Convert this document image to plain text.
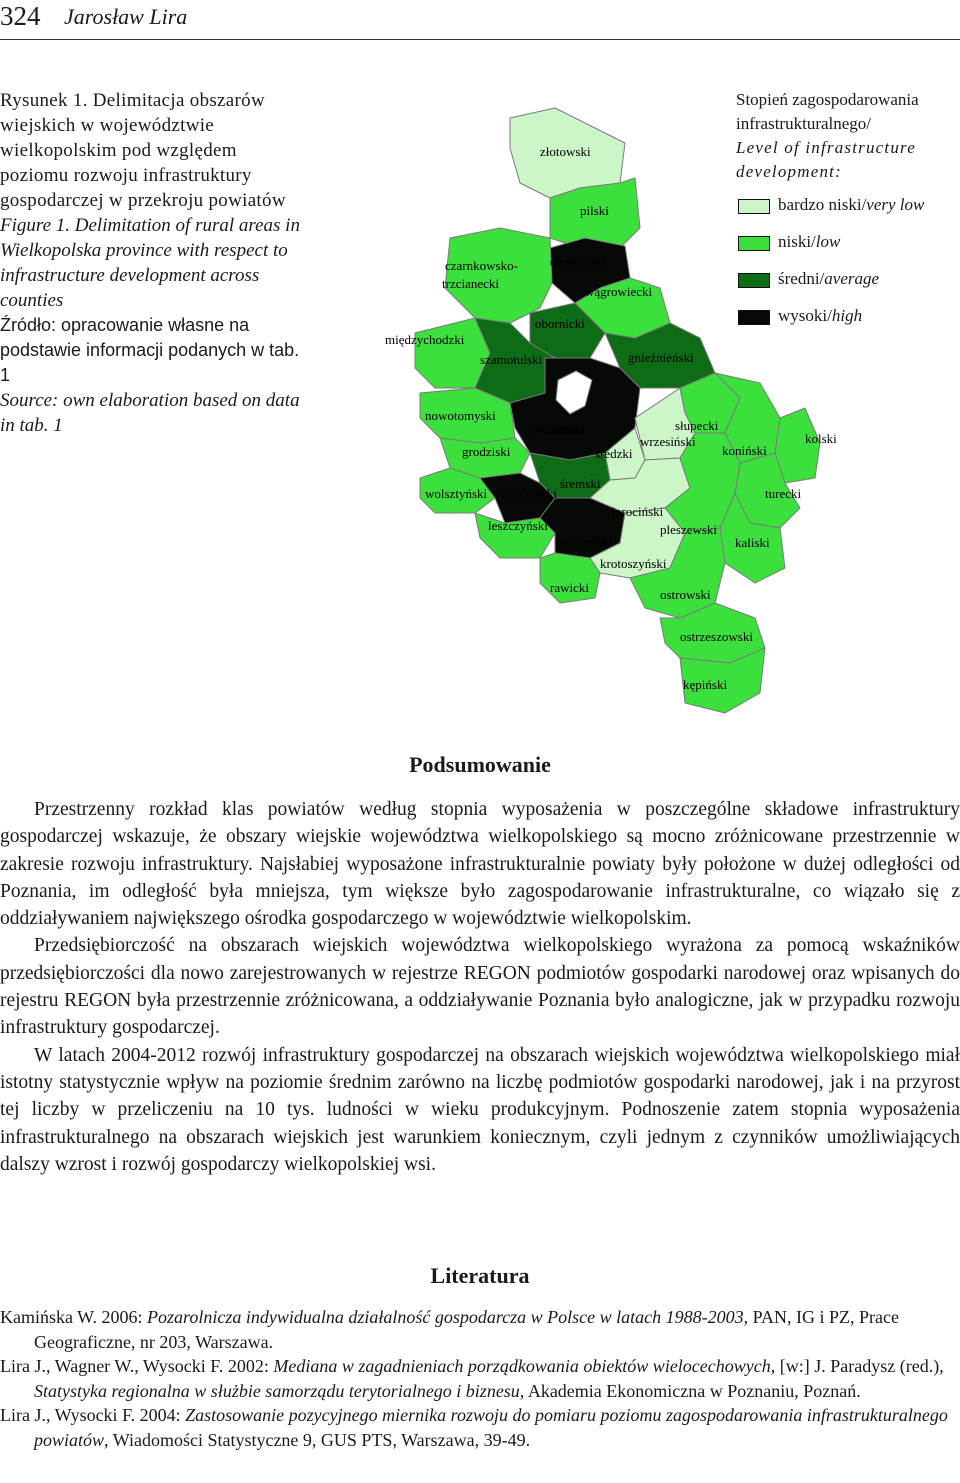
324 Jarosław Lira

Rysunek 1. Delimitacja obszarów wiejskich w województwie wielkopolskim pod względem poziomu rozwoju infrastruktury gospodarczej w przekroju powiatów

Figure 1. Delimitation of rural areas in Wielkopolska province with respect to infrastructure development across counties

Źródło: opracowanie własne na podstawie informacji podanych w tab. 1

Source: own elaboration based on data in tab. 1

złotowski
pilski
chodzieski
czarnkowsko-
trzcianecki
wągrowiecki
obornicki
międzychodzki
szamotulski	gnieźnieński
nowotomyski
poznański	słupecki
wrzesiński
koniński
kolski
grodziski	średzki
śremski
wolsztyński kościański	turecki
jarociński
leszczyński	pleszewski
gostyński	kaliski
krotoszyński
rawicki	ostrowski
ostrzeszowski
kępiński
Stopień zagospodarowania infrastrukturalnego/
Level of infrastructure development:
bardzo niski/very low
niski/low
średni/average
wysoki/high
Podsumowanie

Przestrzenny rozkład klas powiatów według stopnia wyposażenia w poszczególne składowe infrastruktury gospodarczej wskazuje, że obszary wiejskie województwa wielkopolskiego są mocno zróżnicowane przestrzennie w zakresie rozwoju infrastruktury. Najsłabiej wyposażone infrastrukturalnie powiaty były położone w dużej odległości od Poznania, im odległość była mniejsza, tym większe było zagospodarowanie infrastrukturalne, co wiązało się z oddziaływaniem największego ośrodka gospodarczego w województwie wielkopolskim.

Przedsiębiorczość na obszarach wiejskich województwa wielkopolskiego wyrażona za pomocą wskaźników przedsiębiorczości dla nowo zarejestrowanych w rejestrze REGON podmiotów gospodarki narodowej oraz wpisanych do rejestru REGON była przestrzennie zróżnicowana, a oddziaływanie Poznania było analogiczne, jak w przypadku rozwoju infrastruktury gospodarczej.

W latach 2004-2012 rozwój infrastruktury gospodarczej na obszarach wiejskich województwa wielkopolskiego miał istotny statystycznie wpływ na poziomie średnim zarówno na liczbę podmiotów gospodarki narodowej, jak i na przyrost tej liczby w przeliczeniu na 10 tys. ludności w wieku produkcyjnym. Podnoszenie zatem stopnia wyposażenia infrastrukturalnego na obszarach wiejskich jest warunkiem koniecznym, czyli jednym z czynników umożliwiających dalszy wzrost i rozwój gospodarczy wielkopolskiej wsi.

Literatura

Kamińska W. 2006: Pozarolnicza indywidualna działalność gospodarcza w Polsce w latach 1988-2003, PAN, IG i PZ, Prace Geograficzne, nr 203, Warszawa.

Lira J., Wagner W., Wysocki F. 2002: Mediana w zagadnieniach porządkowania obiektów wielocechowych, [w:] J. Paradysz (red.), Statystyka regionalna w służbie samorządu terytorialnego i biznesu, Akademia Ekonomiczna w Poznaniu, Poznań.

Lira J., Wysocki F. 2004: Zastosowanie pozycyjnego miernika rozwoju do pomiaru poziomu zagospodarowania infrastrukturalnego powiatów, Wiadomości Statystyczne 9, GUS PTS, Warszawa, 39-49.
